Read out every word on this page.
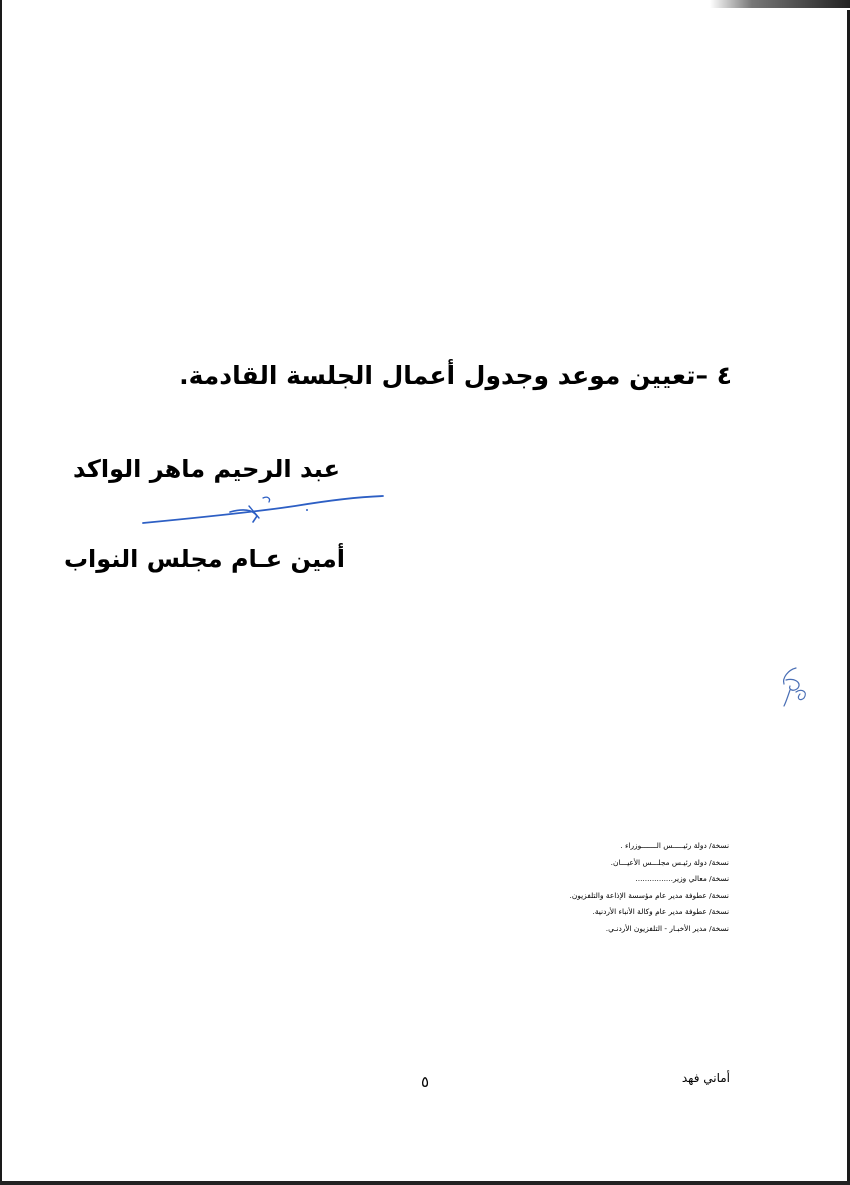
٤ –تعيين موعد وجدول أعمال الجلسة القادمة.
عبد الرحيم ماهر الواكد
أمين عـام مجلس النواب
نسخة/ دولة رئيـــــس الـــــــوزراء .
نسخة/ دولة رئيـس مجلـــس الأعيـــان.
نسخة/ معالي وزير................
نسخة/ عطوفة مدير عام مؤسسة الإذاعة والتلفزيون.
نسخة/ عطوفة مدير عام وكالة الأنباء الأردنية.
نسخة/ مدير الأخبـار - التلفزيون الأردنـي.
٥	أماني فهد
